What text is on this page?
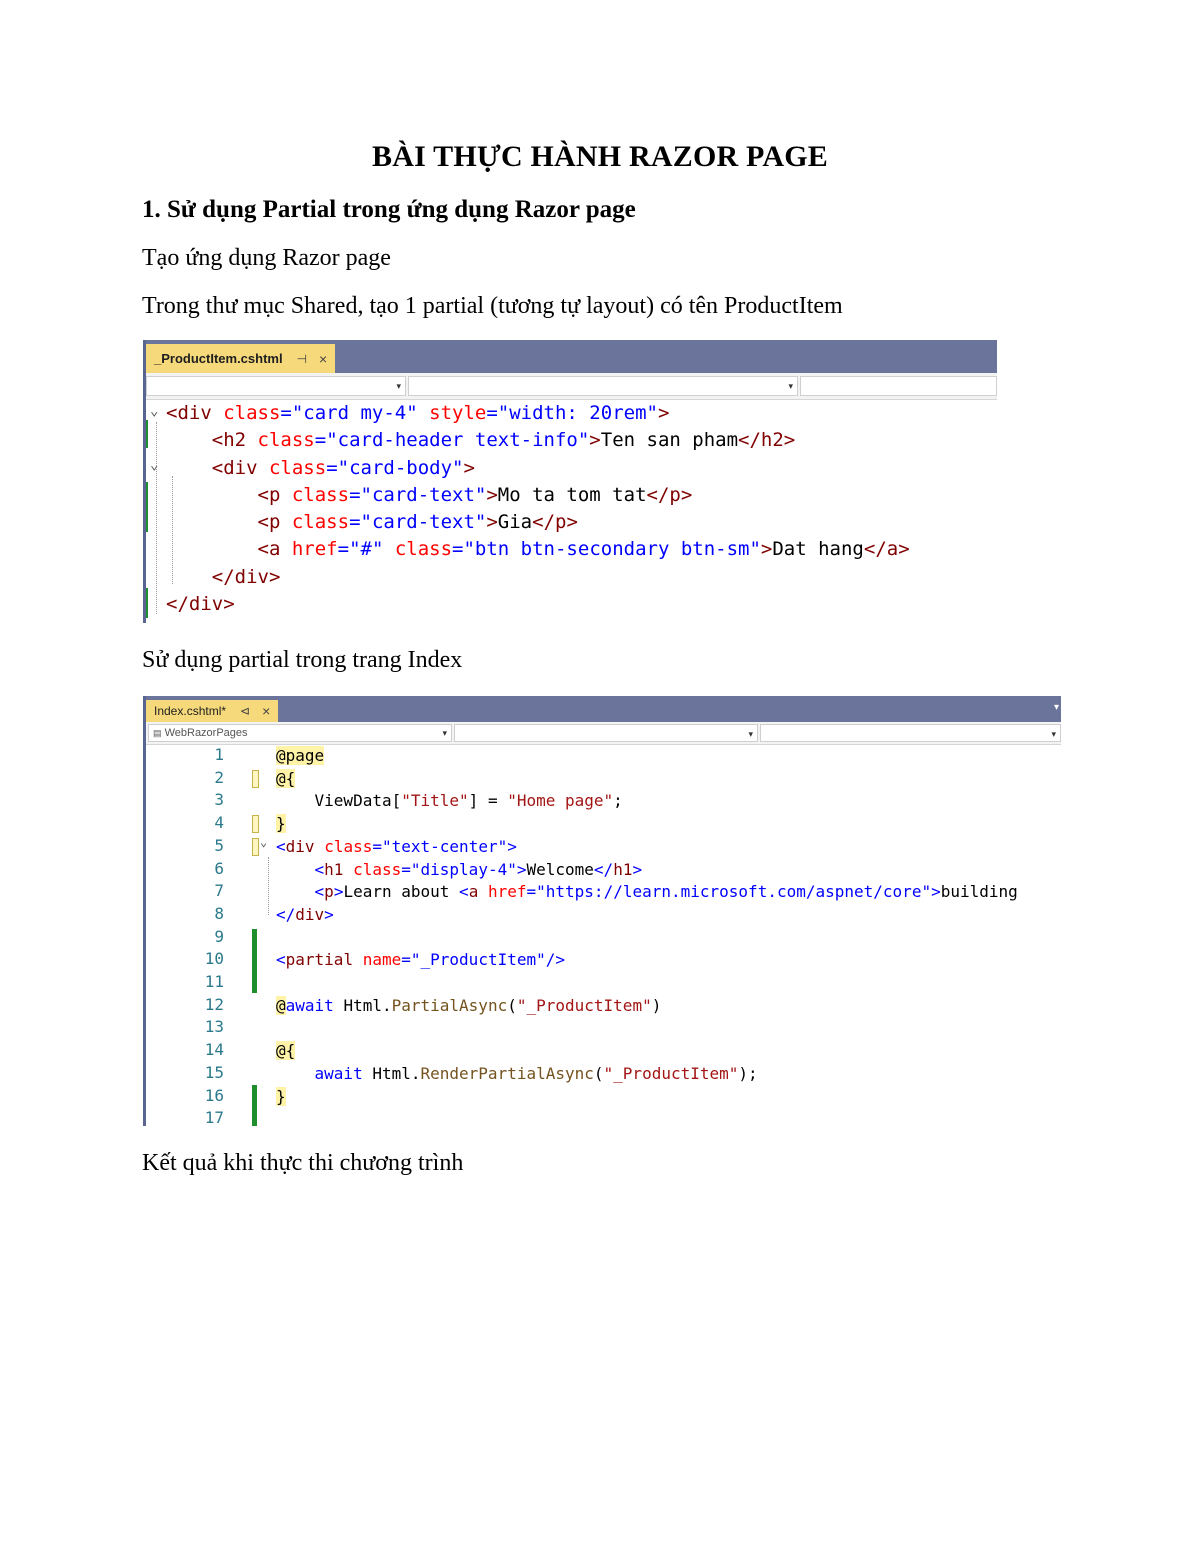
BÀI THỰC HÀNH RAZOR PAGE
1. Sử dụng Partial trong ứng dụng Razor page
Tạo ứng dụng Razor page
Trong thư mục Shared, tạo 1 partial (tương tự layout) có tên ProductItem
_ProductItem.cshtml ⊣ ×
▾	▾
⌄
⌄
<div class="card my-4" style="width: 20rem">
<h2 class="card-header text-info">Ten san pham</h2>
<div class="card-body">
<p class="card-text">Mo ta tom tat</p>
<p class="card-text">Gia</p>
<a href="#" class="btn btn-secondary btn-sm">Dat hang</a>
</div>
</div>
Sử dụng partial trong trang Index
Index.cshtml* ⊲ ×	▾
▤ WebRazorPages	▾	▾	▾
1
2
3
4
5
6
7
8
9
10
11
12
13
14
15
16
17
⌄
@page
@{
ViewData["Title"] = "Home page";
}
<div class="text-center">
<h1 class="display-4">Welcome</h1>
<p>Learn about <a href="https://learn.microsoft.com/aspnet/core">building
</div>

<partial name="_ProductItem"/>

@await Html.PartialAsync("_ProductItem")

@{
await Html.RenderPartialAsync("_ProductItem");
}

Kết quả khi thực thi chương trình
